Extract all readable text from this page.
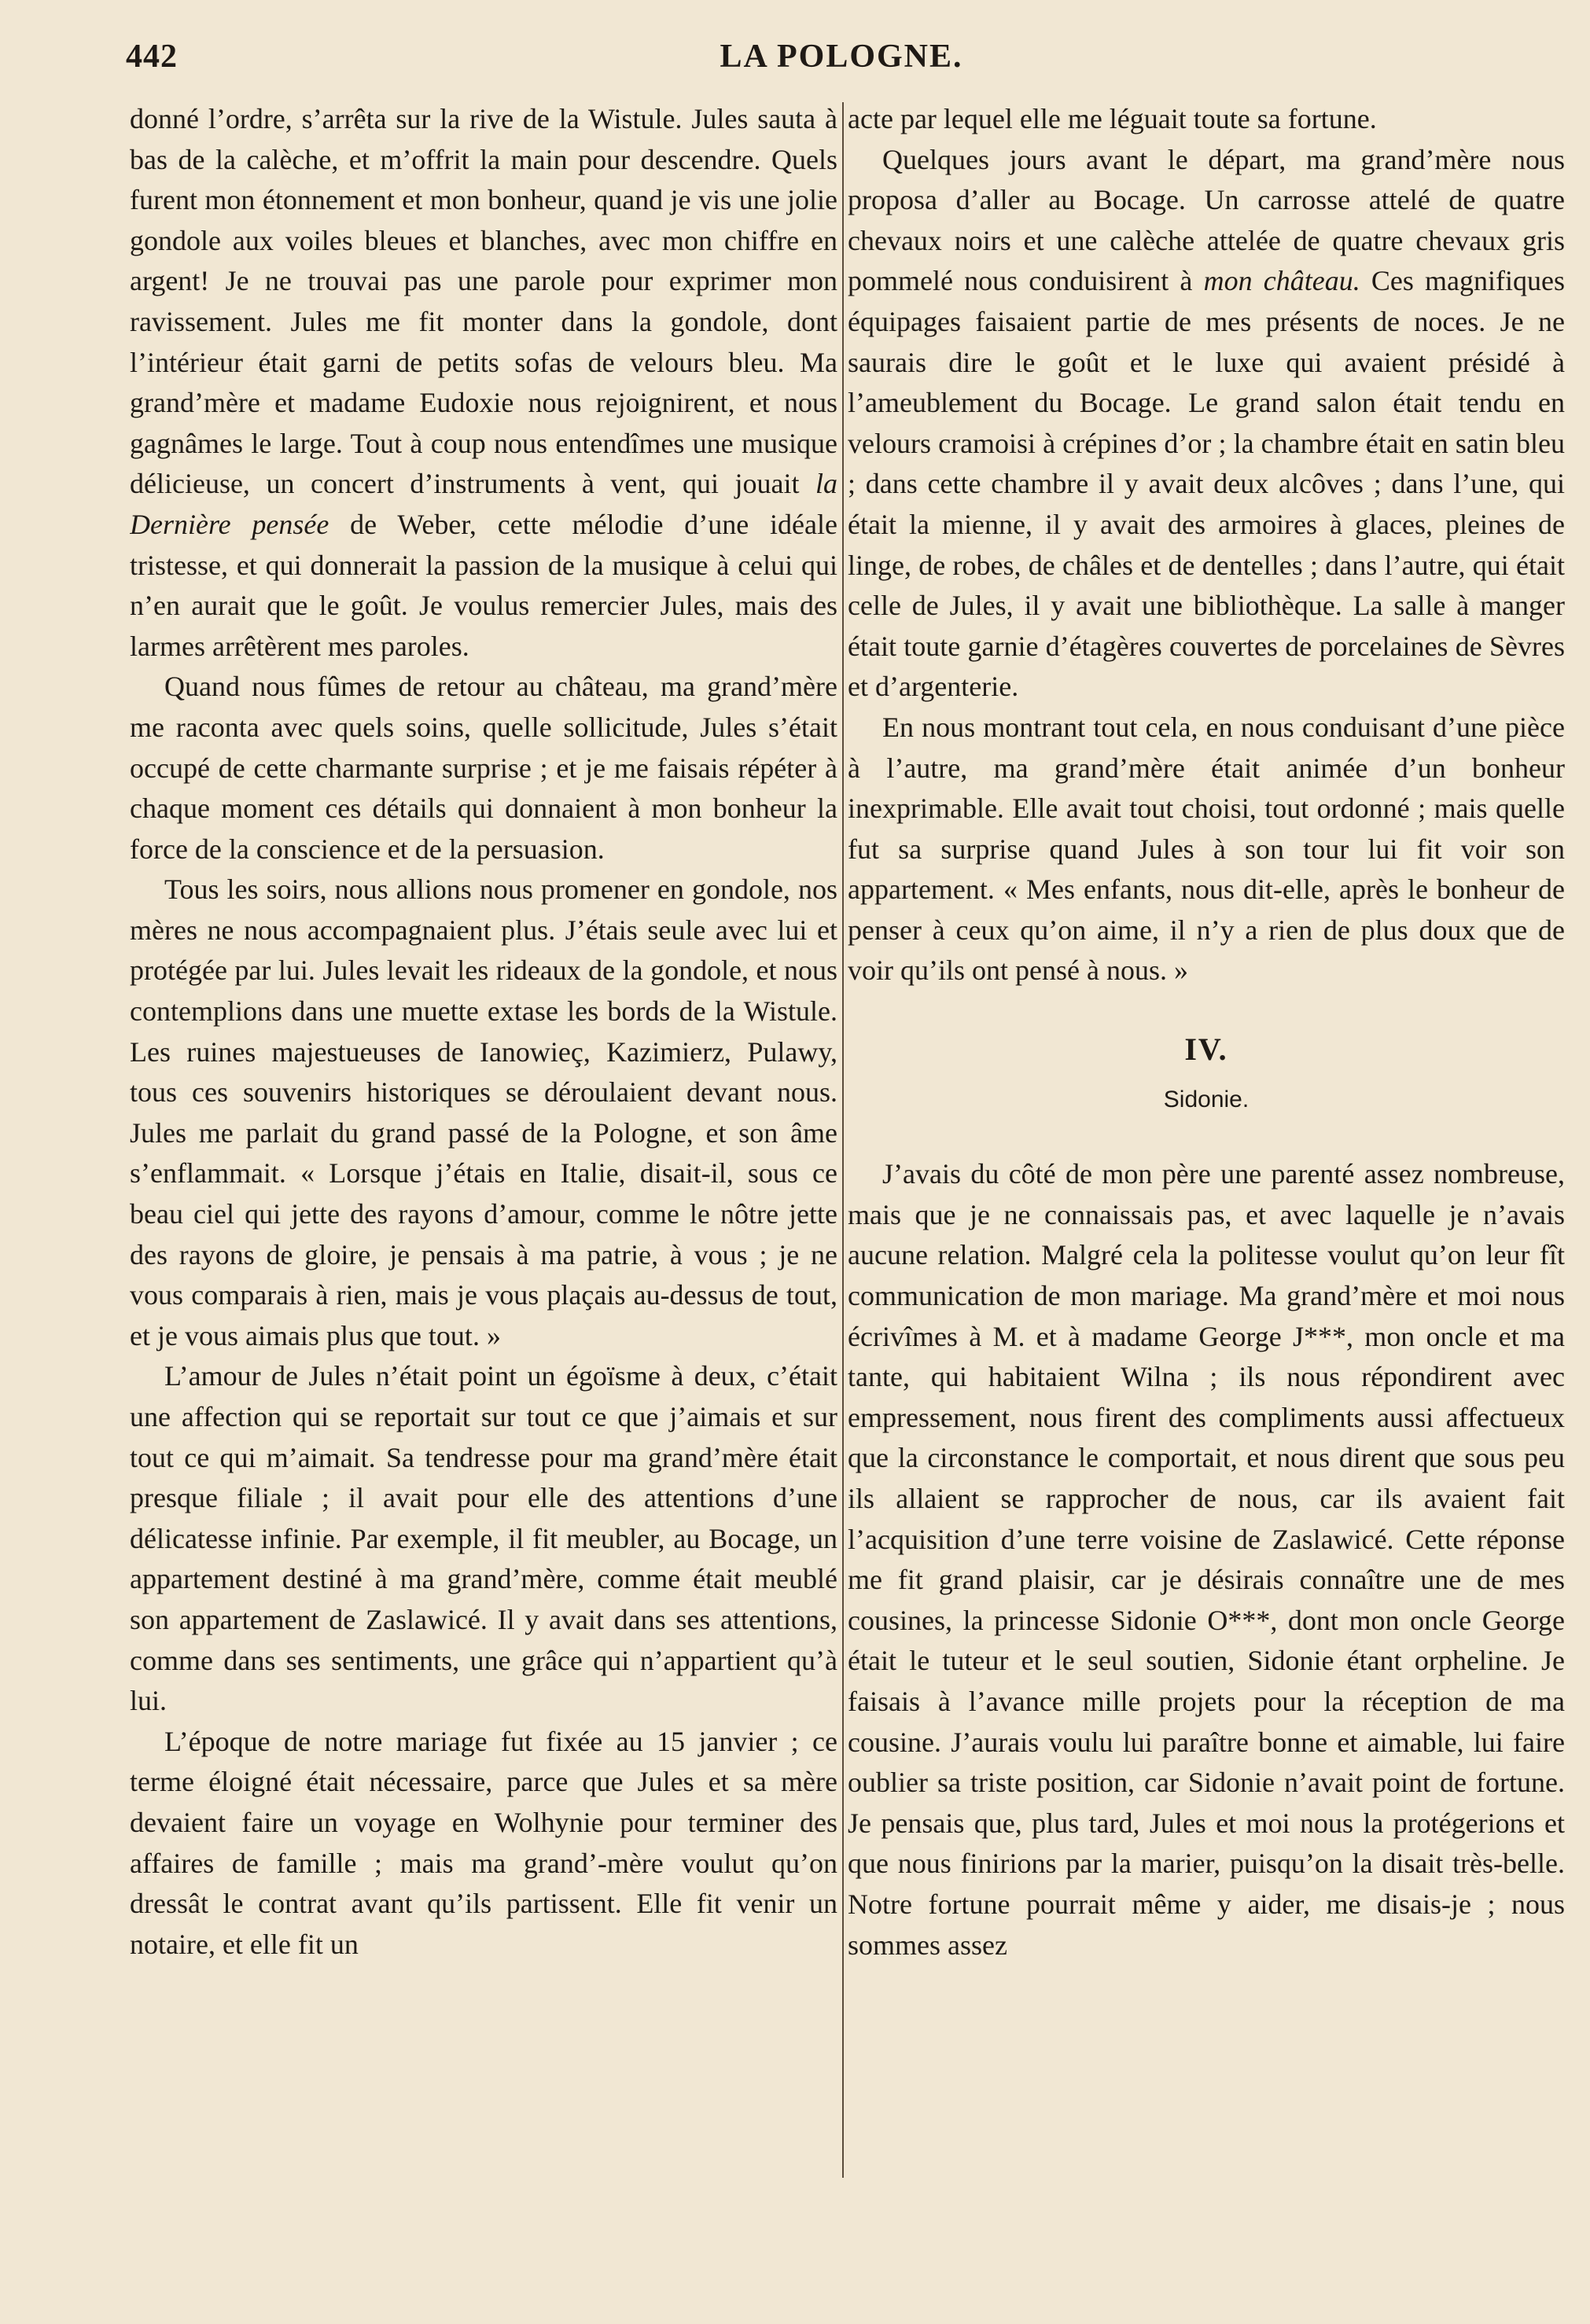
442	LA POLOGNE.

donné l’ordre, s’arrêta sur la rive de la Wistule. Jules sauta à bas de la calèche, et m’offrit la main pour descendre. Quels furent mon étonnement et mon bonheur, quand je vis une jolie gondole aux voiles bleues et blanches, avec mon chiffre en argent! Je ne trouvai pas une parole pour exprimer mon ravissement. Jules me fit monter dans la gondole, dont l’intérieur était garni de petits sofas de velours bleu. Ma grand’mère et madame Eudoxie nous rejoignirent, et nous gagnâmes le large. Tout à coup nous entendîmes une musique délicieuse, un concert d’instruments à vent, qui jouait la Dernière pensée de Weber, cette mélodie d’une idéale tristesse, et qui donnerait la passion de la musique à celui qui n’en aurait que le goût. Je voulus remercier Jules, mais des larmes arrêtèrent mes paroles.

Quand nous fûmes de retour au château, ma grand’mère me raconta avec quels soins, quelle sollicitude, Jules s’était occupé de cette charmante surprise ; et je me faisais répéter à chaque moment ces détails qui donnaient à mon bonheur la force de la conscience et de la persuasion.

Tous les soirs, nous allions nous promener en gondole, nos mères ne nous accompagnaient plus. J’étais seule avec lui et protégée par lui. Jules levait les rideaux de la gondole, et nous contemplions dans une muette extase les bords de la Wistule. Les ruines majestueuses de Ianowieç, Kazimierz, Pulawy, tous ces souvenirs historiques se déroulaient devant nous. Jules me parlait du grand passé de la Pologne, et son âme s’enflammait. « Lorsque j’étais en Italie, disait-il, sous ce beau ciel qui jette des rayons d’amour, comme le nôtre jette des rayons de gloire, je pensais à ma patrie, à vous ; je ne vous comparais à rien, mais je vous plaçais au-dessus de tout, et je vous aimais plus que tout. »

L’amour de Jules n’était point un égoïsme à deux, c’était une affection qui se reportait sur tout ce que j’aimais et sur tout ce qui m’aimait. Sa tendresse pour ma grand’mère était presque filiale ; il avait pour elle des attentions d’une délicatesse infinie. Par exemple, il fit meubler, au Bocage, un appartement destiné à ma grand’mère, comme était meublé son appartement de Zaslawicé. Il y avait dans ses attentions, comme dans ses sentiments, une grâce qui n’appartient qu’à lui.

L’époque de notre mariage fut fixée au 15 janvier ; ce terme éloigné était nécessaire, parce que Jules et sa mère devaient faire un voyage en Wolhynie pour terminer des affaires de famille ; mais ma grand’-mère voulut qu’on dressât le contrat avant qu’ils partissent. Elle fit venir un notaire, et elle fit un

acte par lequel elle me léguait toute sa fortune.

Quelques jours avant le départ, ma grand’mère nous proposa d’aller au Bocage. Un carrosse attelé de quatre chevaux noirs et une calèche attelée de quatre chevaux gris pommelé nous conduisirent à mon château. Ces magnifiques équipages faisaient partie de mes présents de noces. Je ne saurais dire le goût et le luxe qui avaient présidé à l’ameublement du Bocage. Le grand salon était tendu en velours cramoisi à crépines d’or ; la chambre était en satin bleu ; dans cette chambre il y avait deux alcôves ; dans l’une, qui était la mienne, il y avait des armoires à glaces, pleines de linge, de robes, de châles et de dentelles ; dans l’autre, qui était celle de Jules, il y avait une bibliothèque. La salle à manger était toute garnie d’étagères couvertes de porcelaines de Sèvres et d’argenterie.

En nous montrant tout cela, en nous conduisant d’une pièce à l’autre, ma grand’mère était animée d’un bonheur inexprimable. Elle avait tout choisi, tout ordonné ; mais quelle fut sa surprise quand Jules à son tour lui fit voir son appartement. « Mes enfants, nous dit-elle, après le bonheur de penser à ceux qu’on aime, il n’y a rien de plus doux que de voir qu’ils ont pensé à nous. »

IV.
Sidonie.

J’avais du côté de mon père une parenté assez nombreuse, mais que je ne connaissais pas, et avec laquelle je n’avais aucune relation. Malgré cela la politesse voulut qu’on leur fît communication de mon mariage. Ma grand’mère et moi nous écrivîmes à M. et à madame George J***, mon oncle et ma tante, qui habitaient Wilna ; ils nous répondirent avec empressement, nous firent des compliments aussi affectueux que la circonstance le comportait, et nous dirent que sous peu ils allaient se rapprocher de nous, car ils avaient fait l’acquisition d’une terre voisine de Zaslawicé. Cette réponse me fit grand plaisir, car je désirais connaître une de mes cousines, la princesse Sidonie O***, dont mon oncle George était le tuteur et le seul soutien, Sidonie étant orpheline. Je faisais à l’avance mille projets pour la réception de ma cousine. J’aurais voulu lui paraître bonne et aimable, lui faire oublier sa triste position, car Sidonie n’avait point de fortune. Je pensais que, plus tard, Jules et moi nous la protégerions et que nous finirions par la marier, puisqu’on la disait très-belle. Notre fortune pourrait même y aider, me disais-je ; nous sommes assez
